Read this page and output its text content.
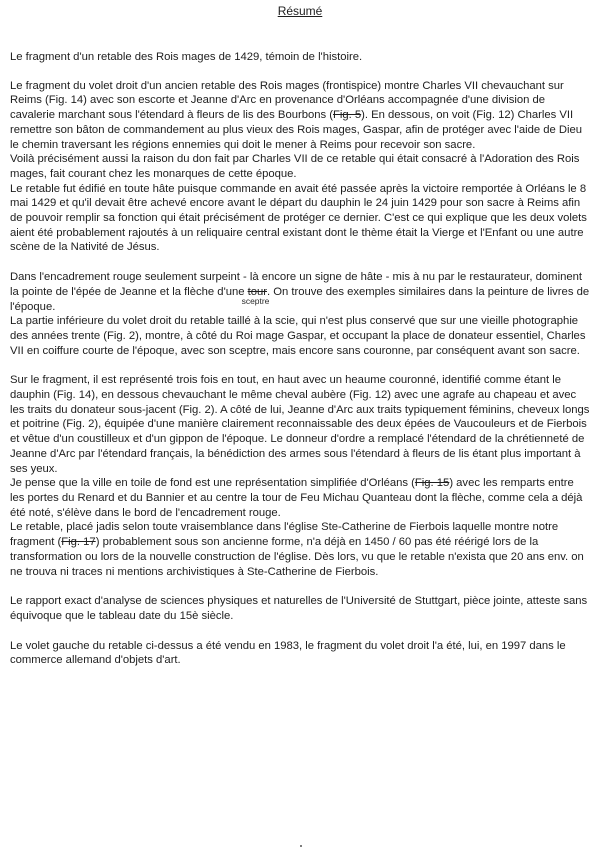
Résumé

Le fragment d'un retable des Rois mages de 1429, témoin de l'histoire.

Le fragment du volet droit d'un ancien retable des Rois mages (frontispice) montre Charles VII chevauchant sur Reims (Fig. 14) avec son escorte et Jeanne d'Arc en provenance d'Orléans accompagnée d'une division de cavalerie marchant sous l'étendard à fleurs de lis des Bourbons (Fig. 5). En dessous, on voit (Fig. 12) Charles VII remettre son bâton de commandement au plus vieux des Rois mages, Gaspar, afin de protéger avec l'aide de Dieu le chemin traversant les régions ennemies qui doit le mener à Reims pour recevoir son sacre.

Voilà précisément aussi la raison du don fait par Charles VII de ce retable qui était consacré à l'Adoration des Rois mages, fait courant chez les monarques de cette époque.

Le retable fut édifié en toute hâte puisque commande en avait été passée après la victoire remportée à Orléans le 8 mai 1429 et qu'il devait être achevé encore avant le départ du dauphin le 24 juin 1429 pour son sacre à Reims afin de pouvoir remplir sa fonction qui était précisément de protéger ce dernier. C'est ce qui explique que les deux volets aient été probablement rajoutés à un reliquaire central existant dont le thème était la Vierge et l'Enfant ou une autre scène de la Nativité de Jésus.

Dans l'encadrement rouge seulement surpeint - là encore un signe de hâte - mis à nu par le restaurateur, dominent la pointe de l'épée de Jeanne et la flèche d'une tour
sceptre
. On trouve des exemples similaires dans la peinture de livres de l'époque.

La partie inférieure du volet droit du retable taillé à la scie, qui n'est plus conservé que sur une vieille photographie des années trente (Fig. 2), montre, à côté du Roi mage Gaspar, et occupant la place de donateur essentiel, Charles VII en coiffure courte de l'époque, avec son sceptre, mais encore sans couronne, par conséquent avant son sacre.

Sur le fragment, il est représenté trois fois en tout, en haut avec un heaume couronné, identifié comme étant le dauphin (Fig. 14), en dessous chevauchant le même cheval aubère (Fig. 12) avec une agrafe au chapeau et avec les traits du donateur sous-jacent (Fig. 2). A côté de lui, Jeanne d'Arc aux traits typiquement féminins, cheveux longs et poitrine (Fig. 2), équipée d'une manière clairement reconnaissable des deux épées de Vaucouleurs et de Fierbois et vêtue d'un coustilleux et d'un gippon de l'époque. Le donneur d'ordre a remplacé l'étendard de la chrétienneté de Jeanne d'Arc par l'étendard français, la bénédiction des armes sous l'étendard à fleurs de lis étant plus important à ses yeux.

Je pense que la ville en toile de fond est une représentation simplifiée d'Orléans (Fig. 15) avec les remparts entre les portes du Renard et du Bannier et au centre la tour de Feu Michau Quanteau dont la flèche, comme cela a déjà été noté, s'élève dans le bord de l'encadrement rouge.

Le retable, placé jadis selon toute vraisemblance dans l'église Ste-Catherine de Fierbois laquelle montre notre fragment (Fig. 17) probablement sous son ancienne forme, n'a déjà en 1450 / 60 pas été réérigé lors de la transformation ou lors de la nouvelle construction de l'église. Dès lors, vu que le retable n'exista que 20 ans env. on ne trouva ni traces ni mentions archivistiques à Ste-Catherine de Fierbois.

Le rapport exact d'analyse de sciences physiques et naturelles de l'Université de Stuttgart, pièce jointe, atteste sans équivoque que le tableau date du 15è siècle.

Le volet gauche du retable ci-dessus a été vendu en 1983, le fragment du volet droit l'a été, lui, en 1997 dans le commerce allemand d'objets d'art.
